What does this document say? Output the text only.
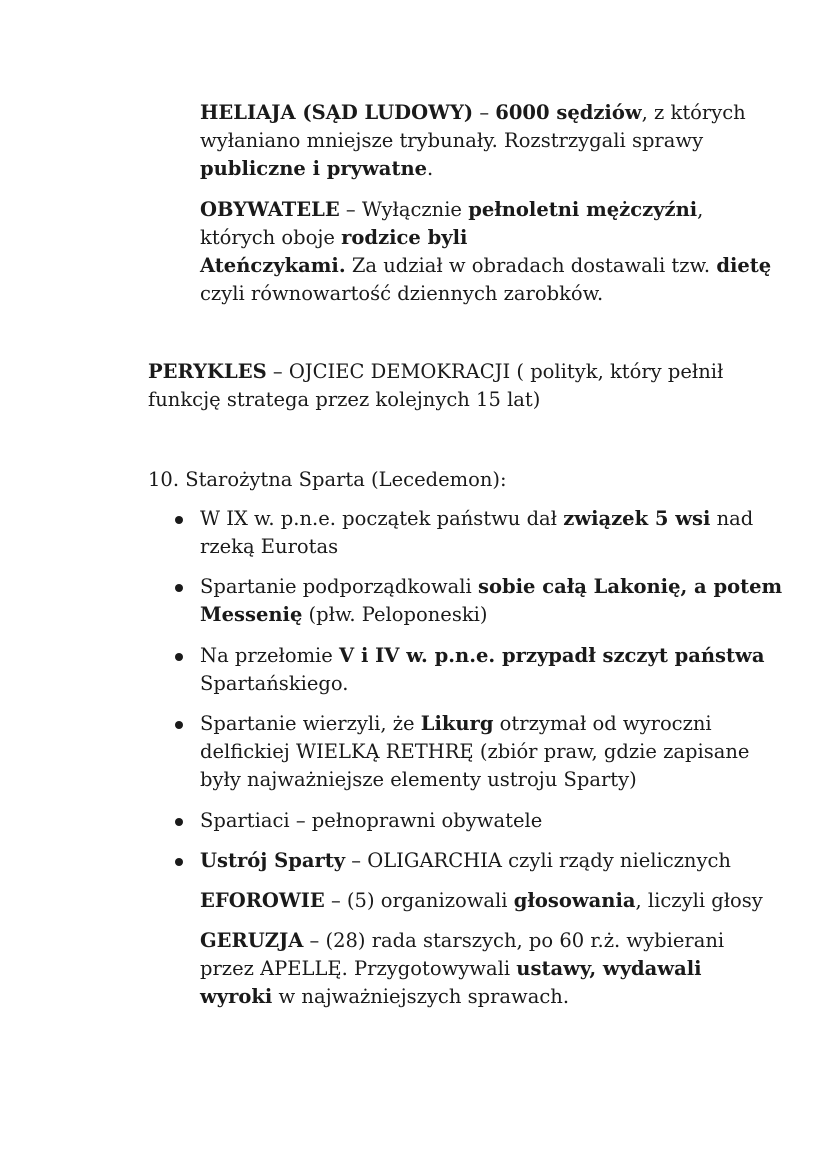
HELIAJA (SĄD LUDOWY) – 6000 sędziów, z których
wyłaniano mniejsze trybunały. Rozstrzygali sprawy
publiczne i prywatne.
OBYWATELE – Wyłącznie pełnoletni mężczyźni,
których oboje rodzice byli
Ateńczykami. Za udział w obradach dostawali tzw. dietę
czyli równowartość dziennych zarobków.
PERYKLES – OJCIEC DEMOKRACJI ( polityk, który pełnił
funkcję stratega przez kolejnych 15 lat)
10. Starożytna Sparta (Lecedemon):
W IX w. p.n.e. początek państwu dał związek 5 wsi nad
rzeką Eurotas
Spartanie podporządkowali sobie całą Lakonię, a potem
Messenię (płw. Peloponeski)
Na przełomie V i IV w. p.n.e. przypadł szczyt państwa
Spartańskiego.
Spartanie wierzyli, że Likurg otrzymał od wyroczni
delfickiej WIELKĄ RETHRĘ (zbiór praw, gdzie zapisane
były najważniejsze elementy ustroju Sparty)
Spartiaci – pełnoprawni obywatele
Ustrój Sparty – OLIGARCHIA czyli rządy nielicznych
EFOROWIE – (5) organizowali głosowania, liczyli głosy
GERUZJA – (28) rada starszych, po 60 r.ż. wybierani
przez APELLĘ. Przygotowywali ustawy, wydawali
wyroki w najważniejszych sprawach.
